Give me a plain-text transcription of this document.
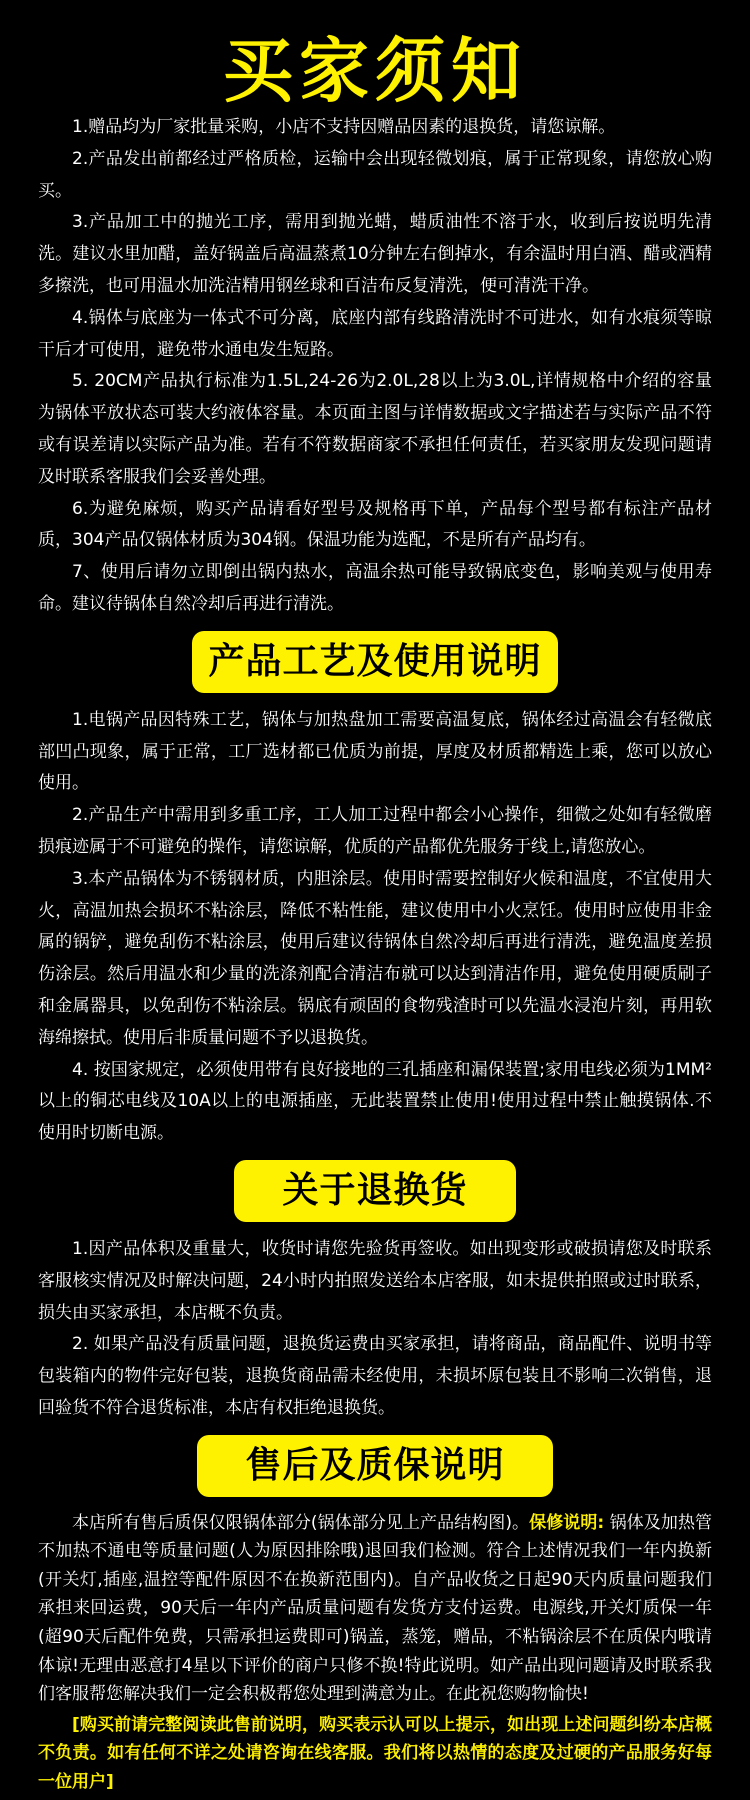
买家须知

1.赠品均为厂家批量采购，小店不支持因赠品因素的退换货，请您谅解。

2.产品发出前都经过严格质检，运输中会出现轻微划痕，属于正常现象，请您放心购买。

3.产品加工中的抛光工序，需用到抛光蜡，蜡质油性不溶于水，收到后按说明先清洗。建议水里加醋，盖好锅盖后高温蒸煮10分钟左右倒掉水，有余温时用白酒、醋或酒精多擦洗，也可用温水加洗洁精用钢丝球和百洁布反复清洗，便可清洗干净。

4.锅体与底座为一体式不可分离，底座内部有线路清洗时不可进水，如有水痕须等晾干后才可使用，避免带水通电发生短路。

5. 20CM产品执行标准为1.5L,24-26为2.0L,28以上为3.0L,详情规格中介绍的容量为锅体平放状态可装大约液体容量。本页面主图与详情数据或文字描述若与实际产品不符或有误差请以实际产品为准。若有不符数据商家不承担任何责任，若买家朋友发现问题请及时联系客服我们会妥善处理。

6.为避免麻烦，购买产品请看好型号及规格再下单，产品每个型号都有标注产品材质，304产品仅锅体材质为304钢。保温功能为选配，不是所有产品均有。

7、使用后请勿立即倒出锅内热水，高温余热可能导致锅底变色，影响美观与使用寿命。建议待锅体自然冷却后再进行清洗。

产品工艺及使用说明

1.电锅产品因特殊工艺，锅体与加热盘加工需要高温复底，锅体经过高温会有轻微底部凹凸现象，属于正常，工厂选材都已优质为前提，厚度及材质都精选上乘，您可以放心使用。

2.产品生产中需用到多重工序，工人加工过程中都会小心操作，细微之处如有轻微磨损痕迹属于不可避免的操作，请您谅解，优质的产品都优先服务于线上,请您放心。

3.本产品锅体为不锈钢材质，内胆涂层。使用时需要控制好火候和温度，不宜使用大火，高温加热会损坏不粘涂层，降低不粘性能，建议使用中小火烹饪。使用时应使用非金属的锅铲，避免刮伤不粘涂层，使用后建议待锅体自然冷却后再进行清洗，避免温度差损伤涂层。然后用温水和少量的洗涤剂配合清洁布就可以达到清洁作用，避免使用硬质刷子和金属器具，以免刮伤不粘涂层。锅底有顽固的食物残渣时可以先温水浸泡片刻，再用软海绵擦拭。使用后非质量问题不予以退换货。

4. 按国家规定，必须使用带有良好接地的三孔插座和漏保装置;家用电线必须为1MM²以上的铜芯电线及10A以上的电源插座，无此装置禁止使用!使用过程中禁止触摸锅体.不使用时切断电源。

关于退换货

1.因产品体积及重量大，收货时请您先验货再签收。如出现变形或破损请您及时联系客服核实情况及时解决问题，24小时内拍照发送给本店客服，如未提供拍照或过时联系，损失由买家承担，本店概不负责。

2. 如果产品没有质量问题，退换货运费由买家承担，请将商品，商品配件、说明书等包装箱内的物件完好包装，退换货商品需未经使用，未损坏原包装且不影响二次销售，退回验货不符合退货标准，本店有权拒绝退换货。

售后及质保说明

本店所有售后质保仅限锅体部分(锅体部分见上产品结构图)。保修说明: 锅体及加热管不加热不通电等质量问题(人为原因排除哦)退回我们检测。符合上述情况我们一年内换新(开关灯,插座,温控等配件原因不在换新范围内)。自产品收货之日起90天内质量问题我们承担来回运费，90天后一年内产品质量问题有发货方支付运费。电源线,开关灯质保一年(超90天后配件免费，只需承担运费即可)锅盖，蒸笼，赠品，不粘锅涂层不在质保内哦请体谅!无理由恶意打4星以下评价的商户只修不换!特此说明。如产品出现问题请及时联系我们客服帮您解决我们一定会积极帮您处理到满意为止。在此祝您购物愉快!

[购买前请完整阅读此售前说明，购买表示认可以上提示，如出现上述问题纠纷本店概不负责。如有任何不详之处请咨询在线客服。我们将以热情的态度及过硬的产品服务好每一位用户]
